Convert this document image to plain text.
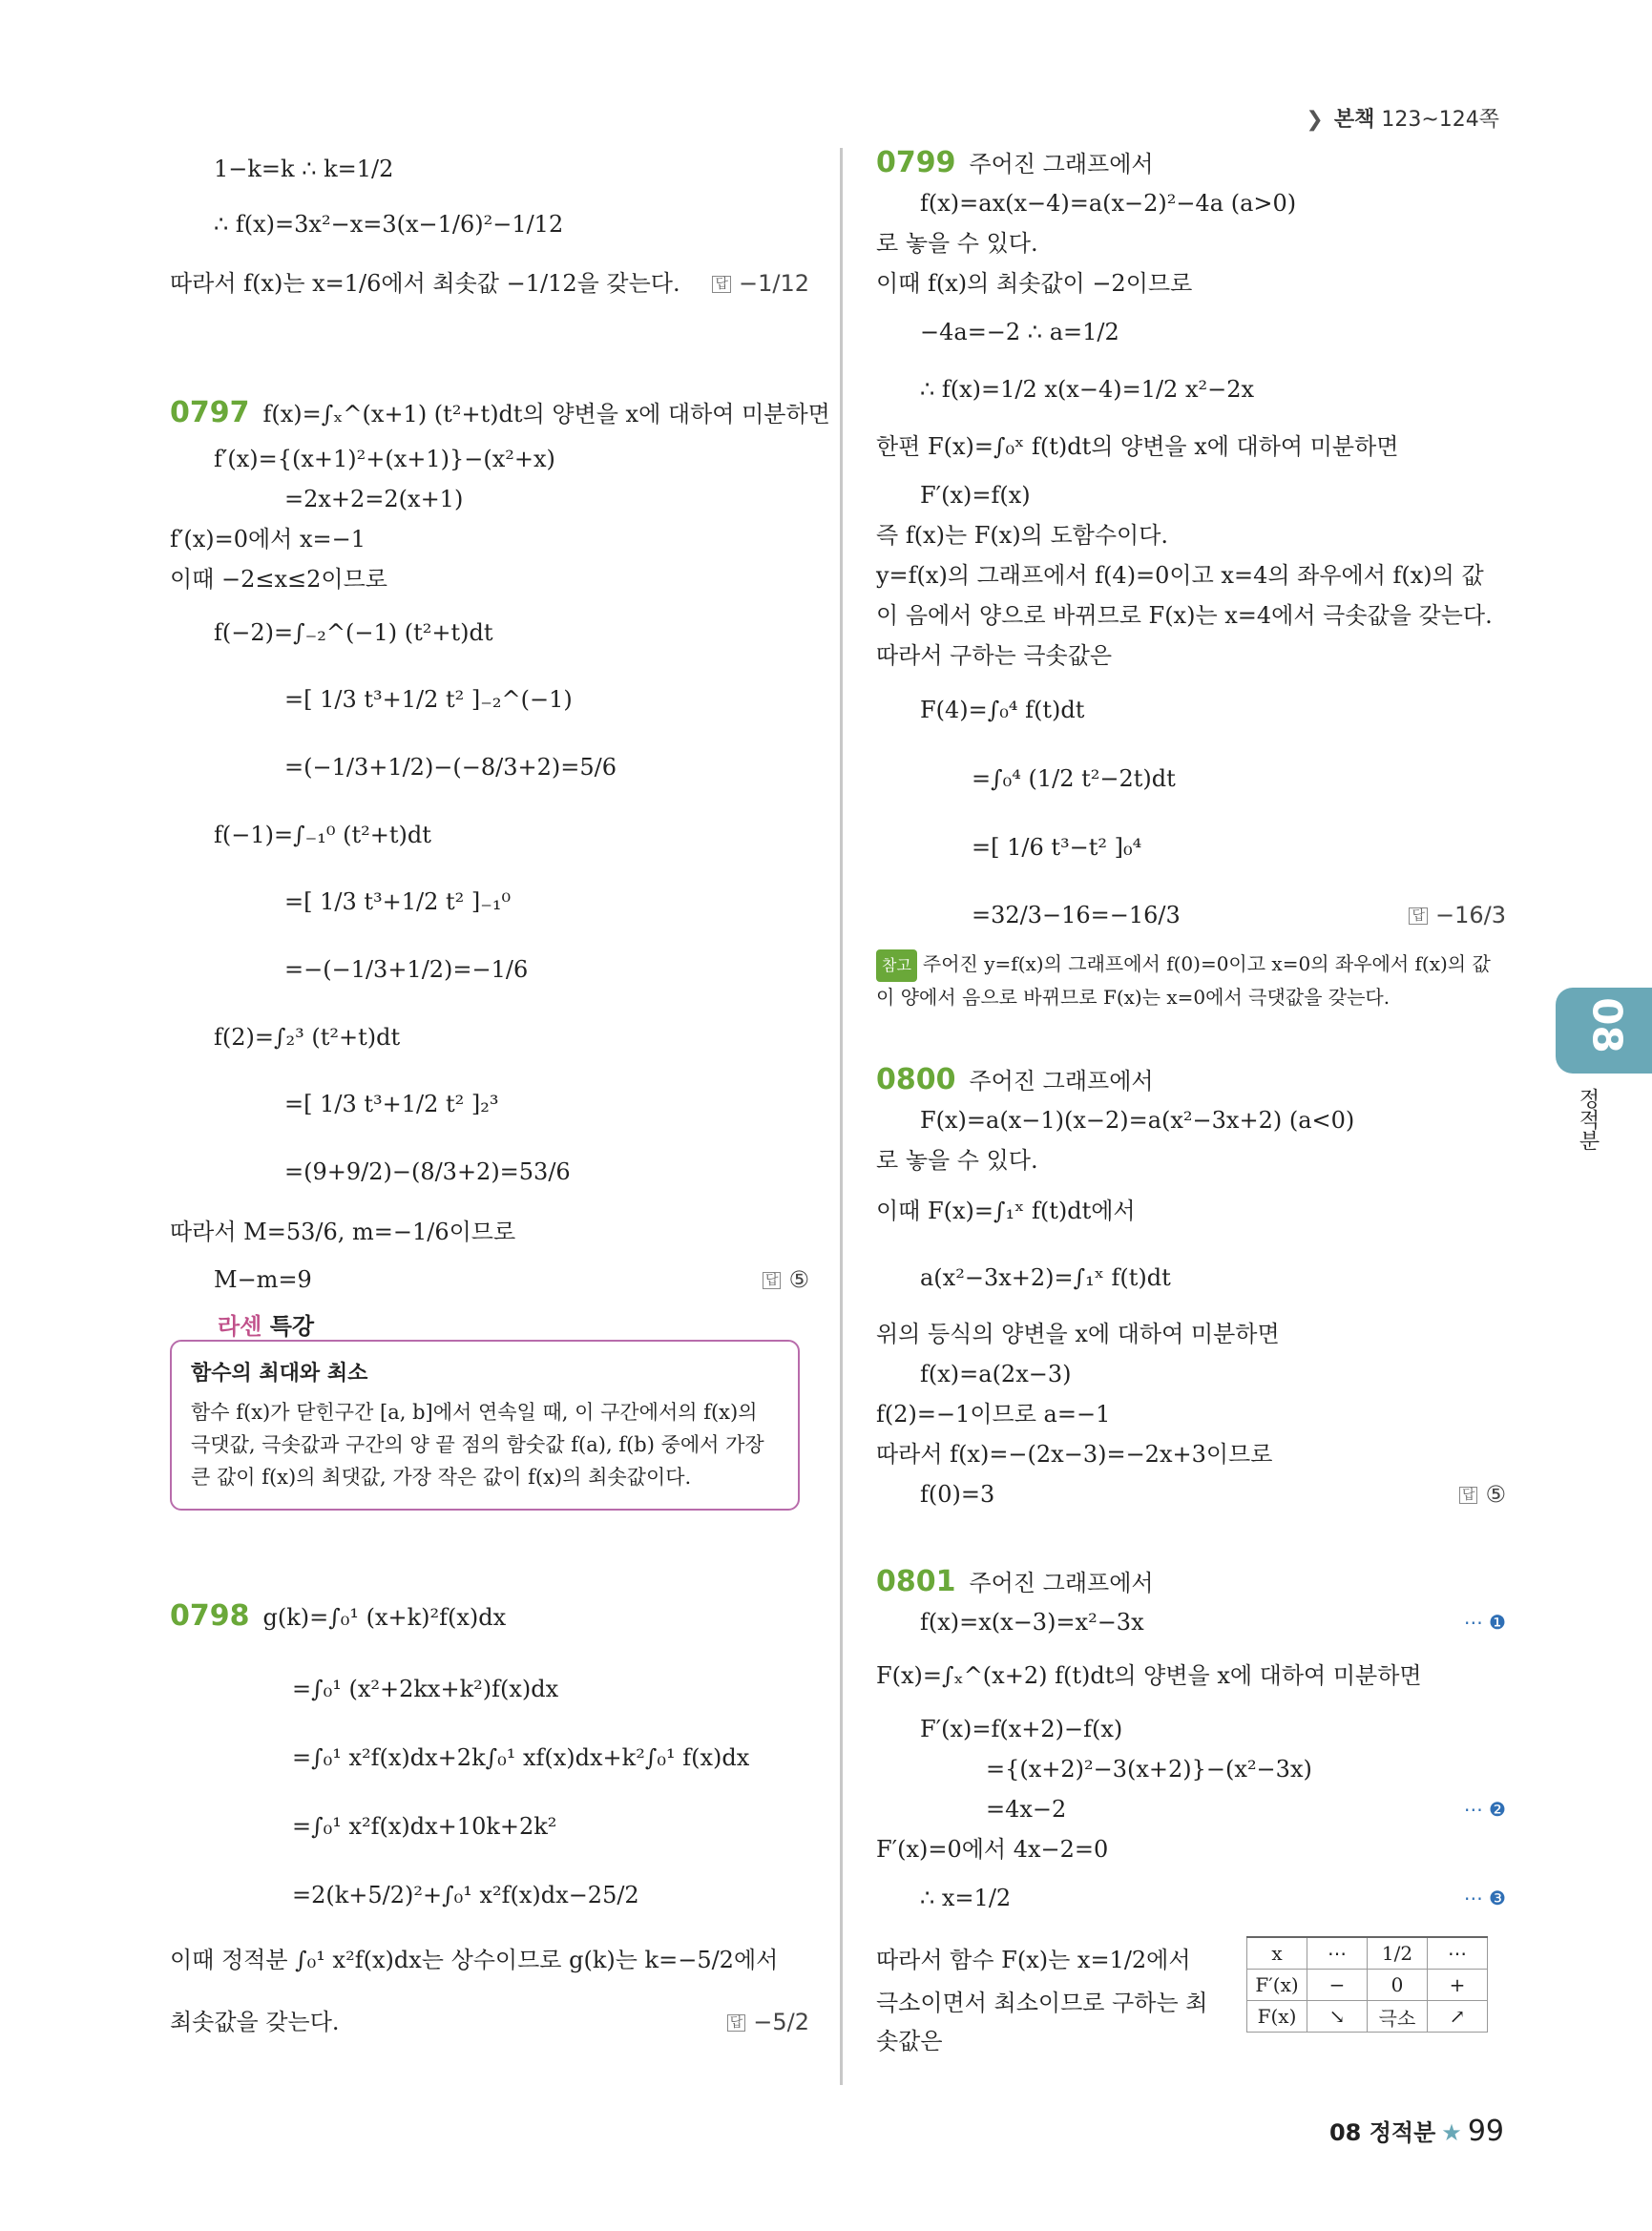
❯ 본책 123~124쪽
1−k=k ∴ k=1/2
∴ f(x)=3x²−x=3(x−1/6)²−1/12
따라서 f(x)는 x=1/6에서 최솟값 −1/12을 갖는다.	답 −1/12
0797 f(x)=∫ₓ^(x+1) (t²+t)dt의 양변을 x에 대하여 미분하면
f′(x)={(x+1)²+(x+1)}−(x²+x)
=2x+2=2(x+1)
f′(x)=0에서 x=−1
이때 −2≤x≤2이므로
f(−2)=∫₋₂^(−1) (t²+t)dt
=[ 1/3 t³+1/2 t² ]₋₂^(−1)
=(−1/3+1/2)−(−8/3+2)=5/6
f(−1)=∫₋₁⁰ (t²+t)dt
=[ 1/3 t³+1/2 t² ]₋₁⁰
=−(−1/3+1/2)=−1/6
f(2)=∫₂³ (t²+t)dt
=[ 1/3 t³+1/2 t² ]₂³
=(9+9/2)−(8/3+2)=53/6
따라서 M=53/6, m=−1/6이므로
M−m=9	답 ⑤
라센 특강
함수의 최대와 최소
함수 f(x)가 닫힌구간 [a, b]에서 연속일 때, 이 구간에서의 f(x)의 극댓값, 극솟값과 구간의 양 끝 점의 함숫값 f(a), f(b) 중에서 가장 큰 값이 f(x)의 최댓값, 가장 작은 값이 f(x)의 최솟값이다.
0798 g(k)=∫₀¹ (x+k)²f(x)dx
=∫₀¹ (x²+2kx+k²)f(x)dx
=∫₀¹ x²f(x)dx+2k∫₀¹ xf(x)dx+k²∫₀¹ f(x)dx
=∫₀¹ x²f(x)dx+10k+2k²
=2(k+5/2)²+∫₀¹ x²f(x)dx−25/2
이때 정적분 ∫₀¹ x²f(x)dx는 상수이므로 g(k)는 k=−5/2에서
최솟값을 갖는다.	답 −5/2
0799 주어진 그래프에서
f(x)=ax(x−4)=a(x−2)²−4a (a>0)
로 놓을 수 있다.
이때 f(x)의 최솟값이 −2이므로
−4a=−2 ∴ a=1/2
∴ f(x)=1/2 x(x−4)=1/2 x²−2x
한편 F(x)=∫₀ˣ f(t)dt의 양변을 x에 대하여 미분하면
F′(x)=f(x)
즉 f(x)는 F(x)의 도함수이다.
y=f(x)의 그래프에서 f(4)=0이고 x=4의 좌우에서 f(x)의 값
이 음에서 양으로 바뀌므로 F(x)는 x=4에서 극솟값을 갖는다.
따라서 구하는 극솟값은
F(4)=∫₀⁴ f(t)dt
=∫₀⁴ (1/2 t²−2t)dt
=[ 1/6 t³−t² ]₀⁴
=32/3−16=−16/3	답 −16/3
참고 주어진 y=f(x)의 그래프에서 f(0)=0이고 x=0의 좌우에서 f(x)의 값이 양에서 음으로 바뀌므로 F(x)는 x=0에서 극댓값을 갖는다.
0800 주어진 그래프에서
F(x)=a(x−1)(x−2)=a(x²−3x+2) (a<0)
로 놓을 수 있다.
이때 F(x)=∫₁ˣ f(t)dt에서
a(x²−3x+2)=∫₁ˣ f(t)dt
위의 등식의 양변을 x에 대하여 미분하면
f(x)=a(2x−3)
f(2)=−1이므로 a=−1
따라서 f(x)=−(2x−3)=−2x+3이므로
f(0)=3	답 ⑤
0801 주어진 그래프에서
f(x)=x(x−3)=x²−3x	⋯ ❶
F(x)=∫ₓ^(x+2) f(t)dt의 양변을 x에 대하여 미분하면
F′(x)=f(x+2)−f(x)
={(x+2)²−3(x+2)}−(x²−3x)
=4x−2	⋯ ❷
F′(x)=0에서 4x−2=0
∴ x=1/2	⋯ ❸
따라서 함수 F(x)는 x=1/2에서
극소이면서 최소이므로 구하는 최
솟값은
x	⋯	1/2	⋯
F′(x)	−	0	+
F(x)	↘	극소	↗
08
정적분
08 정적분 ★ 99
